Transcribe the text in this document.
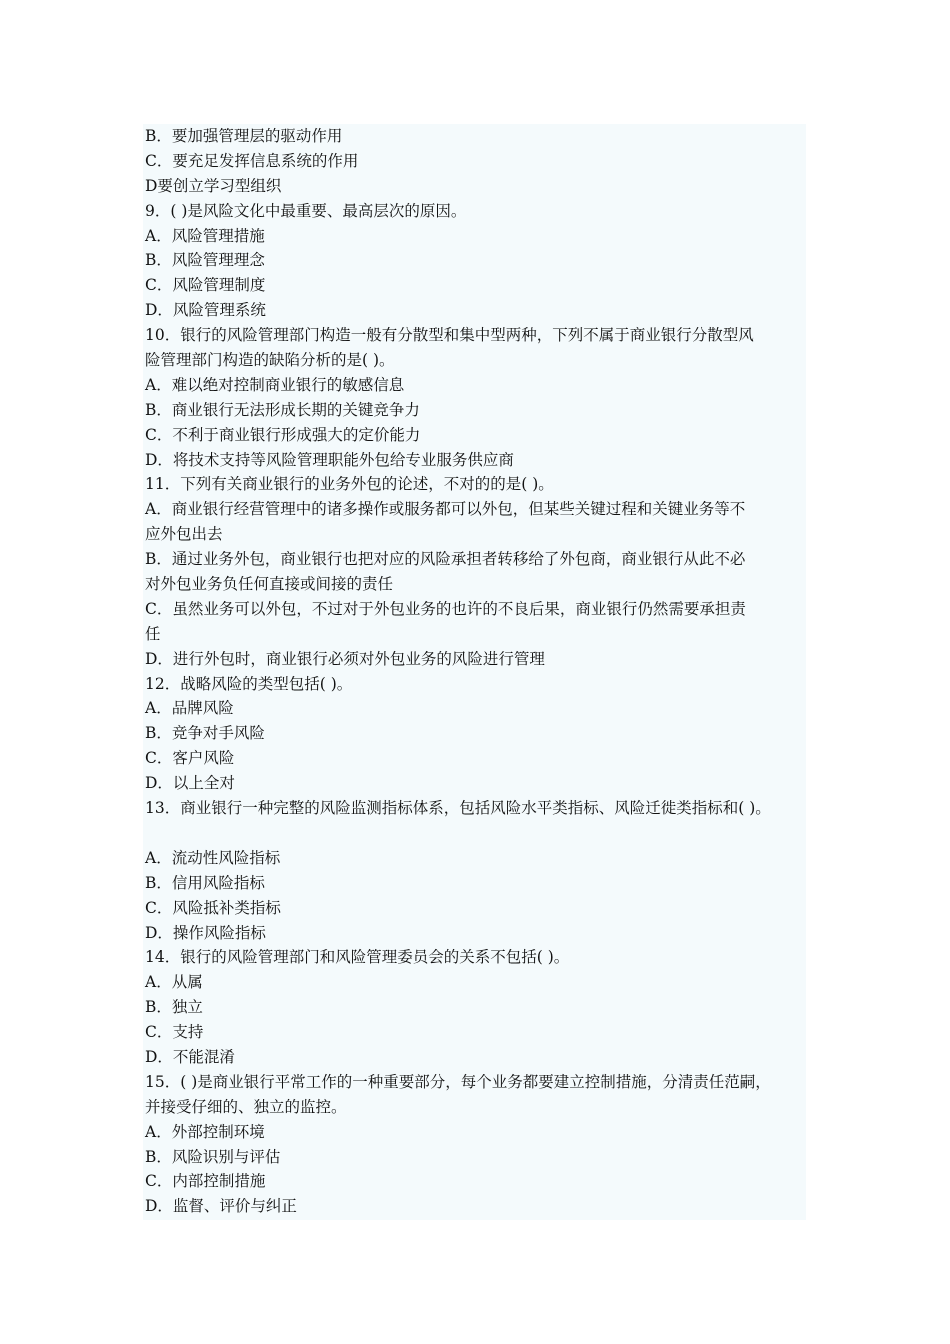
B．要加强管理层的驱动作用

C．要充足发挥信息系统的作用

D要创立学习型组织

9．( )是风险文化中最重要、最高层次的原因。

A．风险管理措施

B．风险管理理念

C．风险管理制度

D．风险管理系统

10．银行的风险管理部门构造一般有分散型和集中型两种，下列不属于商业银行分散型风

险管理部门构造的缺陷分析的是( )。

A．难以绝对控制商业银行的敏感信息

B．商业银行无法形成长期的关键竞争力

C．不利于商业银行形成强大的定价能力

D．将技术支持等风险管理职能外包给专业服务供应商

11．下列有关商业银行的业务外包的论述，不对的的是( )。

A．商业银行经营管理中的诸多操作或服务都可以外包，但某些关键过程和关键业务等不

应外包出去

B．通过业务外包，商业银行也把对应的风险承担者转移给了外包商，商业银行从此不必

对外包业务负任何直接或间接的责任

C．虽然业务可以外包，不过对于外包业务的也许的不良后果，商业银行仍然需要承担责

任

D．进行外包时，商业银行必须对外包业务的风险进行管理

12．战略风险的类型包括( )。

A．品牌风险

B．竞争对手风险

C．客户风险

D．以上全对

13．商业银行一种完整的风险监测指标体系，包括风险水平类指标、风险迁徙类指标和( )。

A．流动性风险指标

B．信用风险指标

C．风险抵补类指标

D．操作风险指标

14．银行的风险管理部门和风险管理委员会的关系不包括( )。

A．从属

B．独立

C．支持

D．不能混淆

15．( )是商业银行平常工作的一种重要部分，每个业务都要建立控制措施，分清责任范嗣，

并接受仔细的、独立的监控。

A．外部控制环境

B．风险识别与评估

C．内部控制措施

D．监督、评价与纠正
